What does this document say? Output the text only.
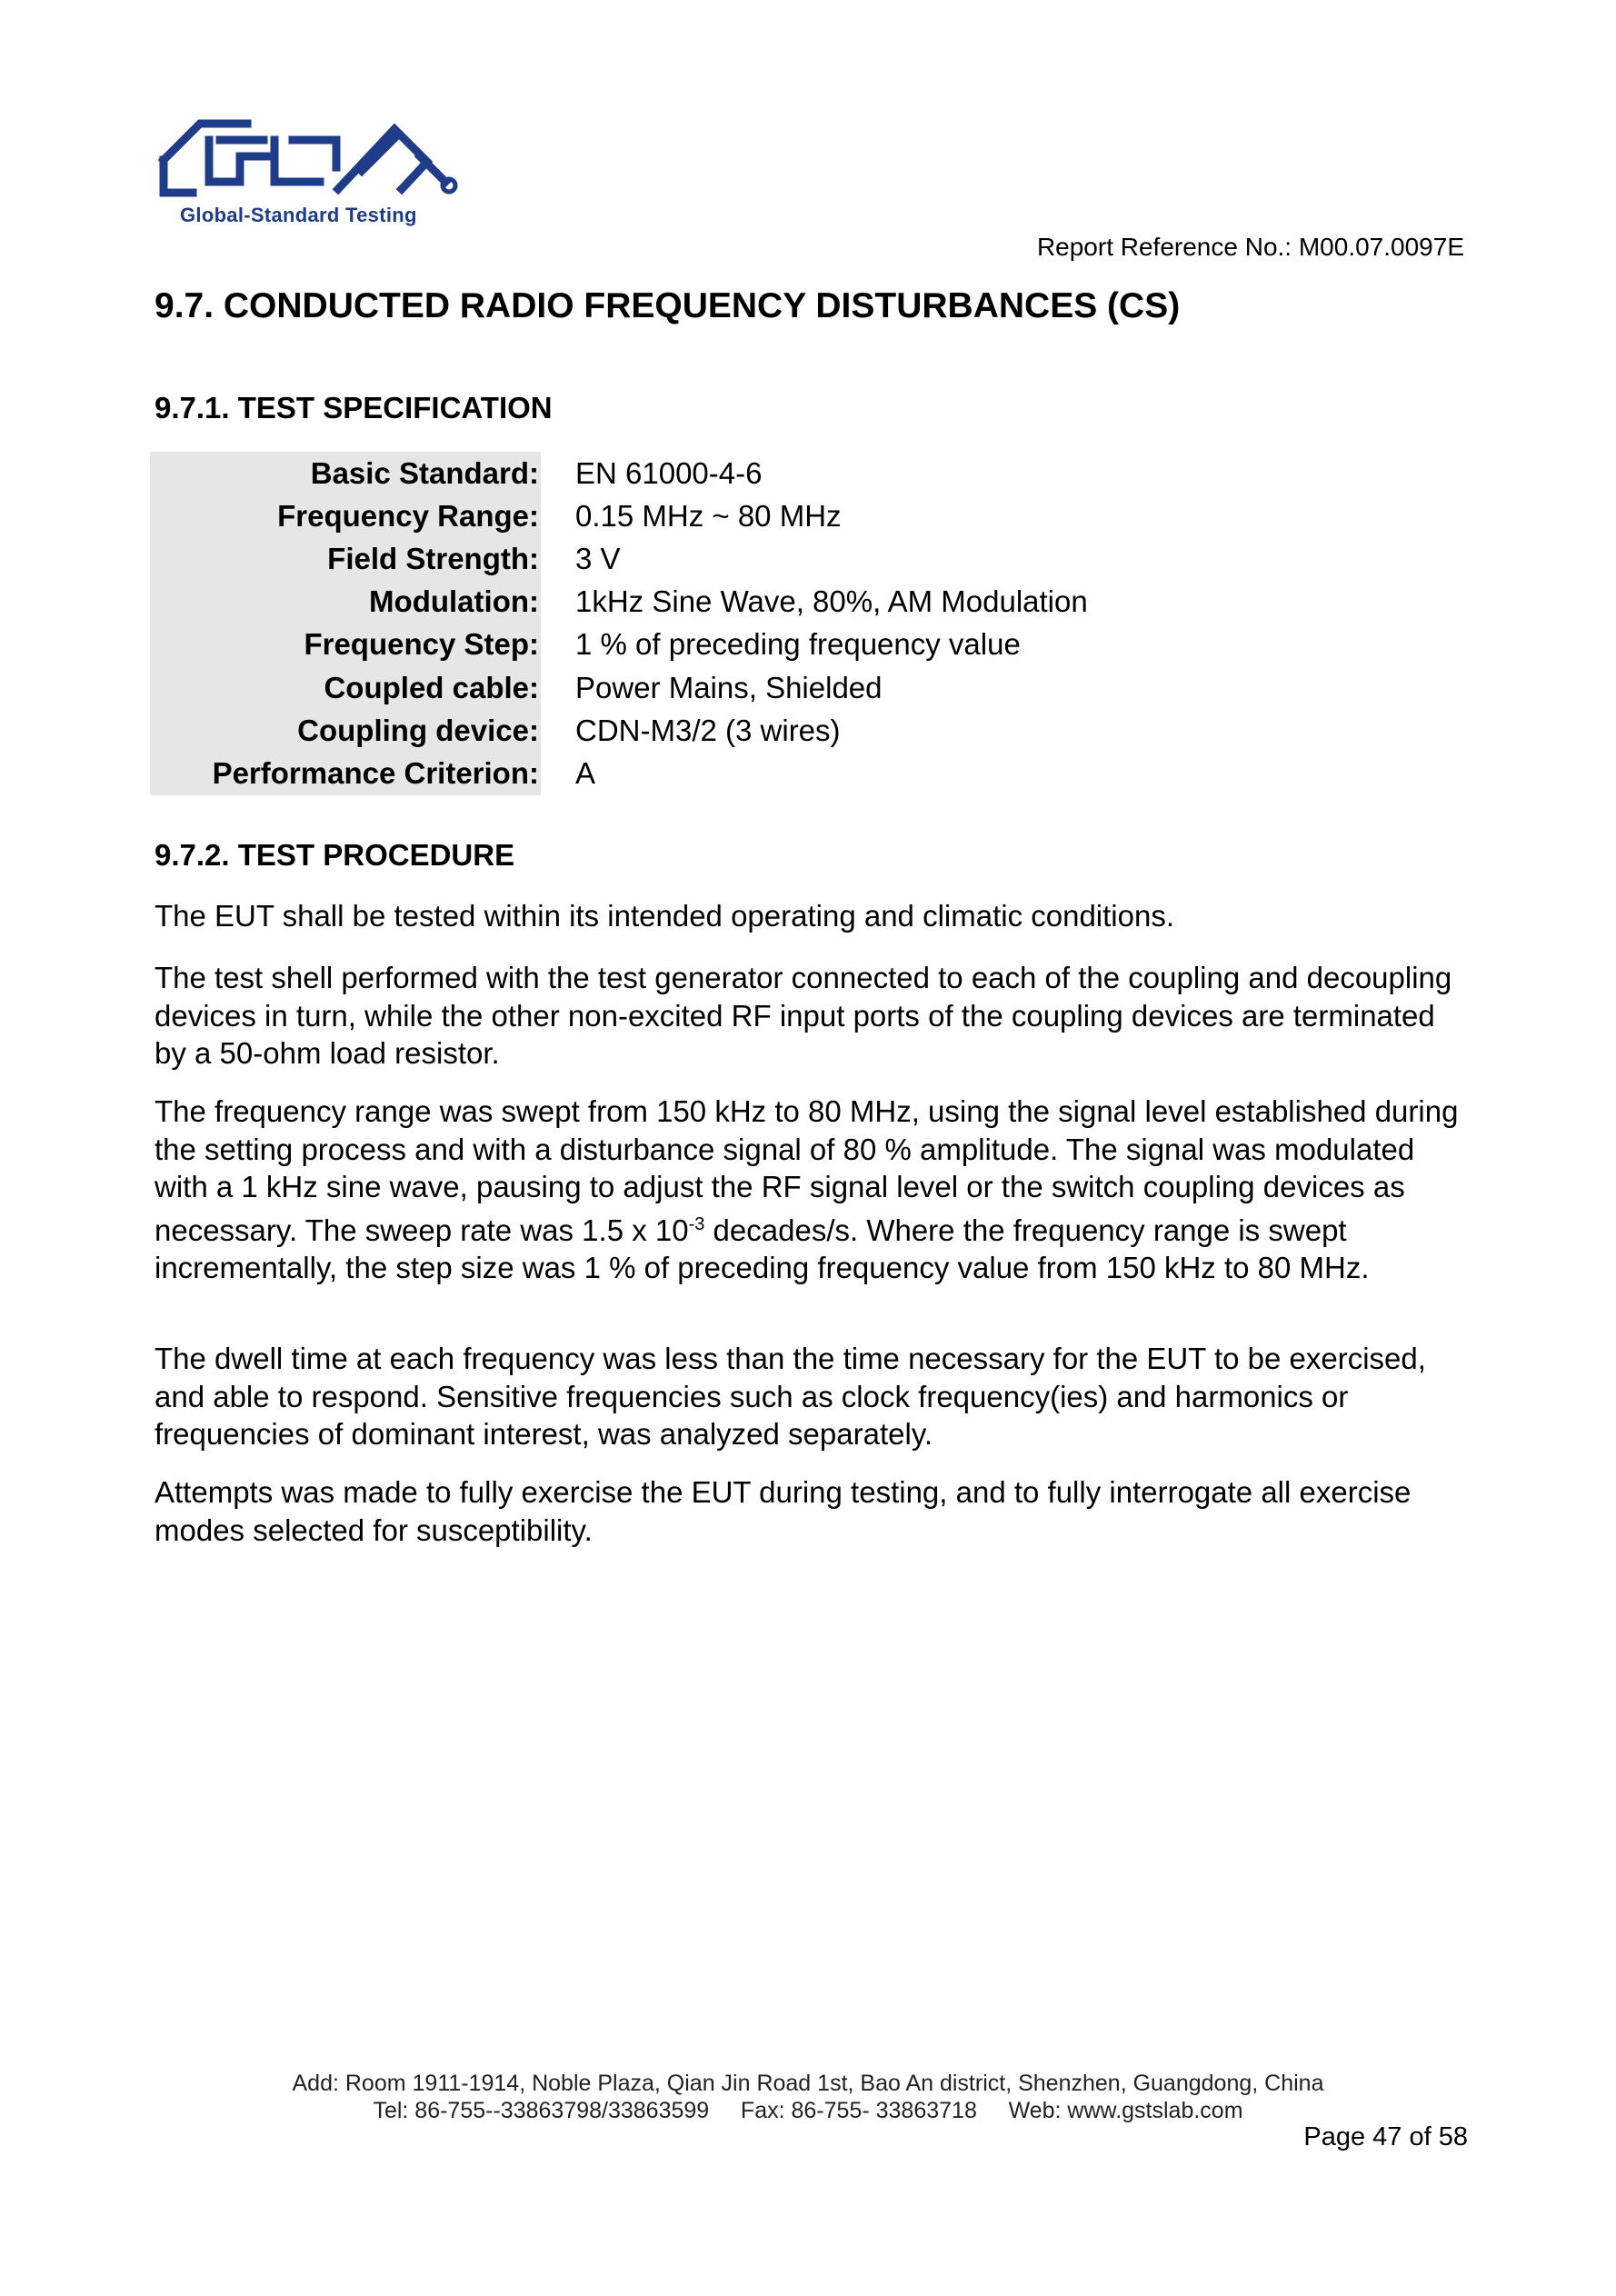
Global-Standard Testing
Report Reference No.: M00.07.0097E
9.7. CONDUCTED RADIO FREQUENCY DISTURBANCES (CS)
9.7.1. TEST SPECIFICATION
Basic Standard:		EN 61000-4-6
Frequency Range:		0.15 MHz ~ 80 MHz
Field Strength:		3 V
Modulation:		1kHz Sine Wave, 80%, AM Modulation
Frequency Step:		1 % of preceding frequency value
Coupled cable:		Power Mains, Shielded
Coupling device:		CDN-M3/2 (3 wires)
Performance Criterion:		A
9.7.2. TEST PROCEDURE

The EUT shall be tested within its intended operating and climatic conditions.

The test shell performed with the test generator connected to each of the coupling and decoupling devices in turn, while the other non-excited RF input ports of the coupling devices are terminated by a 50-ohm load resistor.

The frequency range was swept from 150 kHz to 80 MHz, using the signal level established during the setting process and with a disturbance signal of 80 % amplitude. The signal was modulated with a 1 kHz sine wave, pausing to adjust the RF signal level or the switch coupling devices as necessary. The sweep rate was 1.5 x $10^{-3}$ decades/s. Where the frequency range is swept incrementally, the step size was 1 % of preceding frequency value from 150 kHz to 80 MHz.

The dwell time at each frequency was less than the time necessary for the EUT to be exercised, and able to respond. Sensitive frequencies such as clock frequency(ies) and harmonics or frequencies of dominant interest, was analyzed separately.

Attempts was made to fully exercise the EUT during testing, and to fully interrogate all exercise modes selected for susceptibility.

Add: Room 1911-1914, Noble Plaza, Qian Jin Road 1st, Bao An district, Shenzhen, Guangdong, China
Tel: 86-755--33863798/33863599     Fax: 86-755- 33863718     Web: www.gstslab.com
Page 47 of 58
